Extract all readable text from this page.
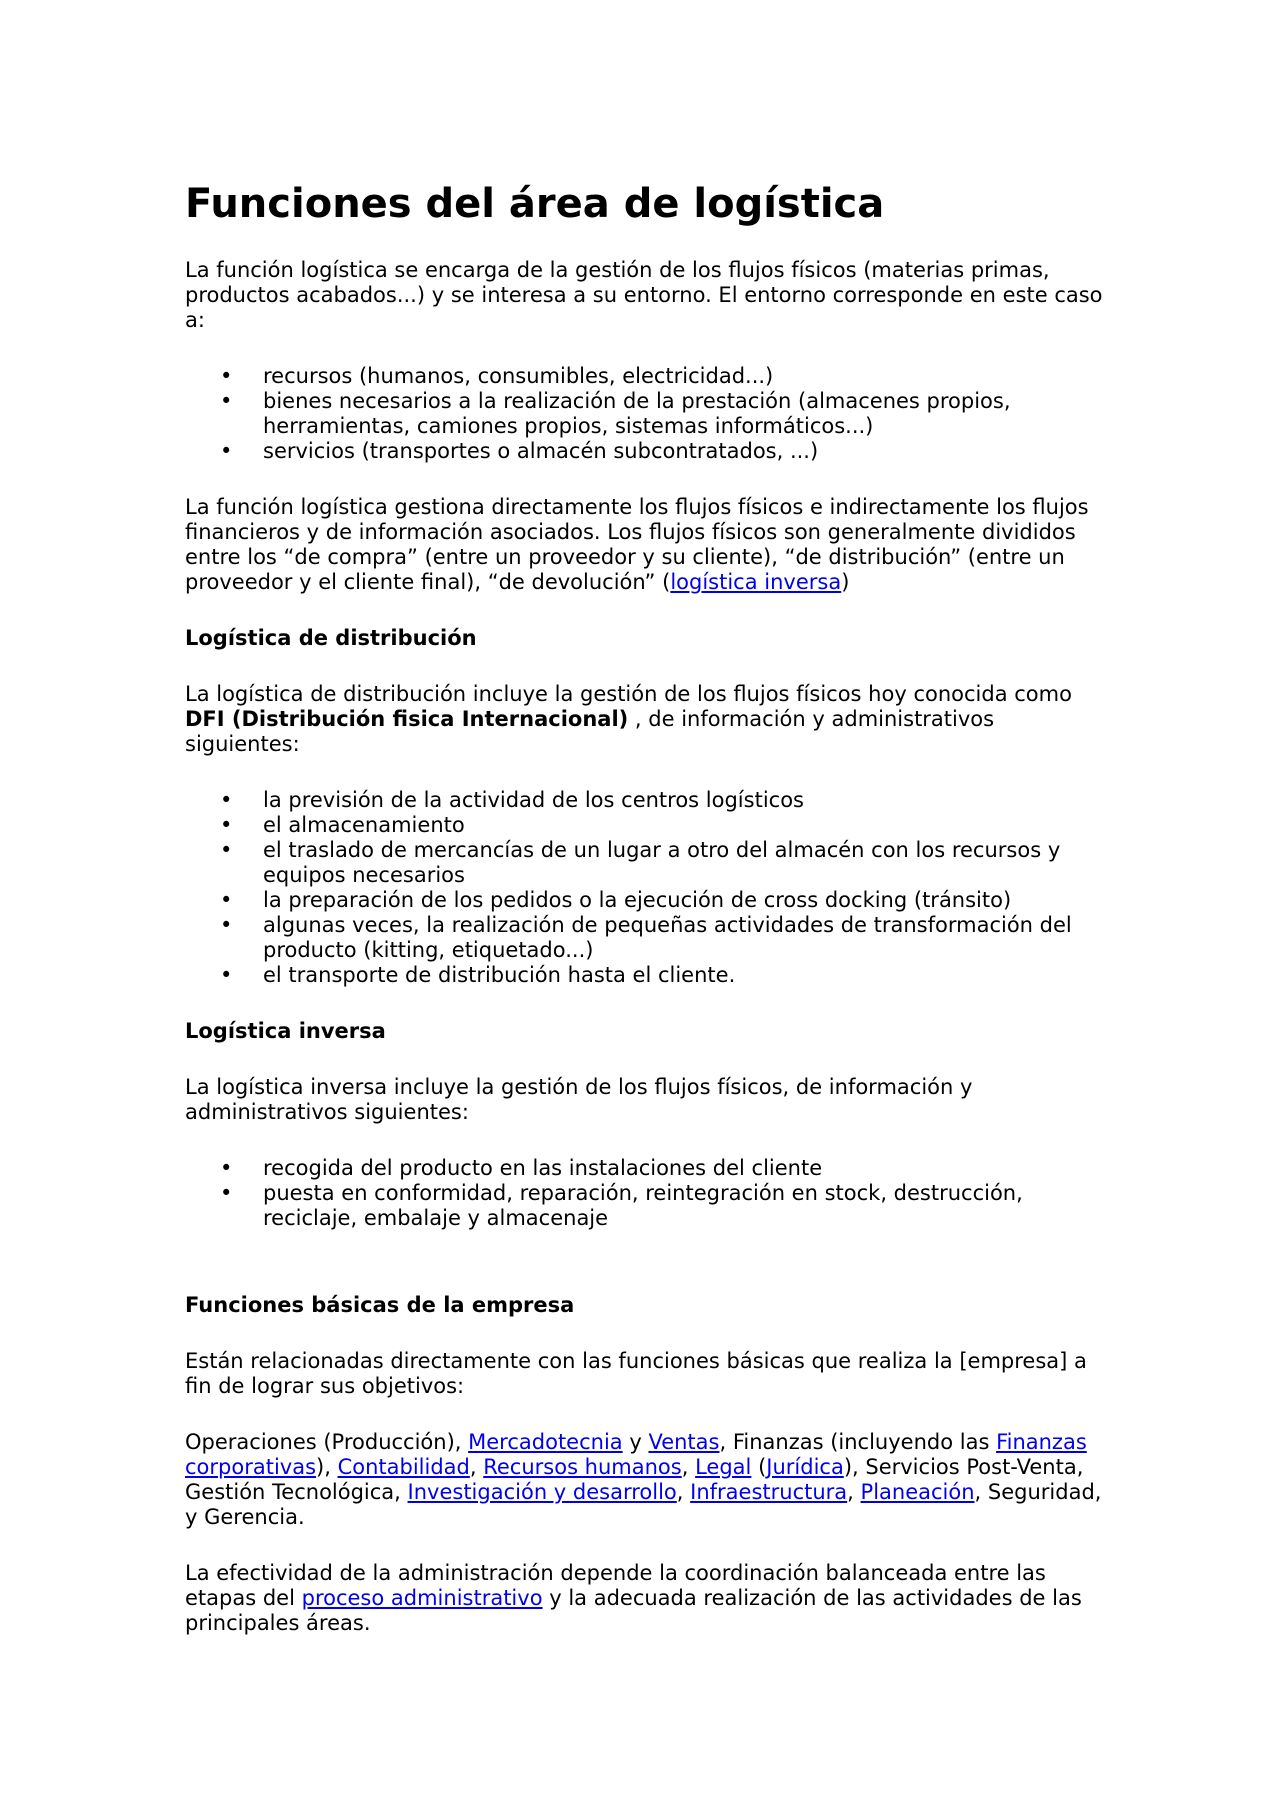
Funciones del área de logística

La función logística se encarga de la gestión de los flujos físicos (materias primas, productos acabados...) y se interesa a su entorno. El entorno corresponde en este caso a:

• recursos (humanos, consumibles, electricidad...)
• bienes necesarios a la realización de la prestación (almacenes propios, herramientas, camiones propios, sistemas informáticos...)
• servicios (transportes o almacén subcontratados, ...)

La función logística gestiona directamente los flujos físicos e indirectamente los flujos financieros y de información asociados. Los flujos físicos son generalmente divididos entre los “de compra” (entre un proveedor y su cliente), “de distribución” (entre un proveedor y el cliente final), “de devolución” (logística inversa)

Logística de distribución

La logística de distribución incluye la gestión de los flujos físicos hoy conocida como DFI (Distribución fisica Internacional) , de información y administrativos siguientes:

• la previsión de la actividad de los centros logísticos
• el almacenamiento
• el traslado de mercancías de un lugar a otro del almacén con los recursos y equipos necesarios
• la preparación de los pedidos o la ejecución de cross docking (tránsito)
• algunas veces, la realización de pequeñas actividades de transformación del producto (kitting, etiquetado...)
• el transporte de distribución hasta el cliente.
Logística inversa

La logística inversa incluye la gestión de los flujos físicos, de información y administrativos siguientes:

• recogida del producto en las instalaciones del cliente
• puesta en conformidad, reparación, reintegración en stock, destrucción, reciclaje, embalaje y almacenaje
Funciones básicas de la empresa

Están relacionadas directamente con las funciones básicas que realiza la [empresa] a fin de lograr sus objetivos:

Operaciones (Producción), Mercadotecnia y Ventas, Finanzas (incluyendo las Finanzas corporativas), Contabilidad, Recursos humanos, Legal (Jurídica), Servicios Post-Venta, Gestión Tecnológica, Investigación y desarrollo, Infraestructura, Planeación, Seguridad, y Gerencia.

La efectividad de la administración depende la coordinación balanceada entre las etapas del proceso administrativo y la adecuada realización de las actividades de las principales áreas.
